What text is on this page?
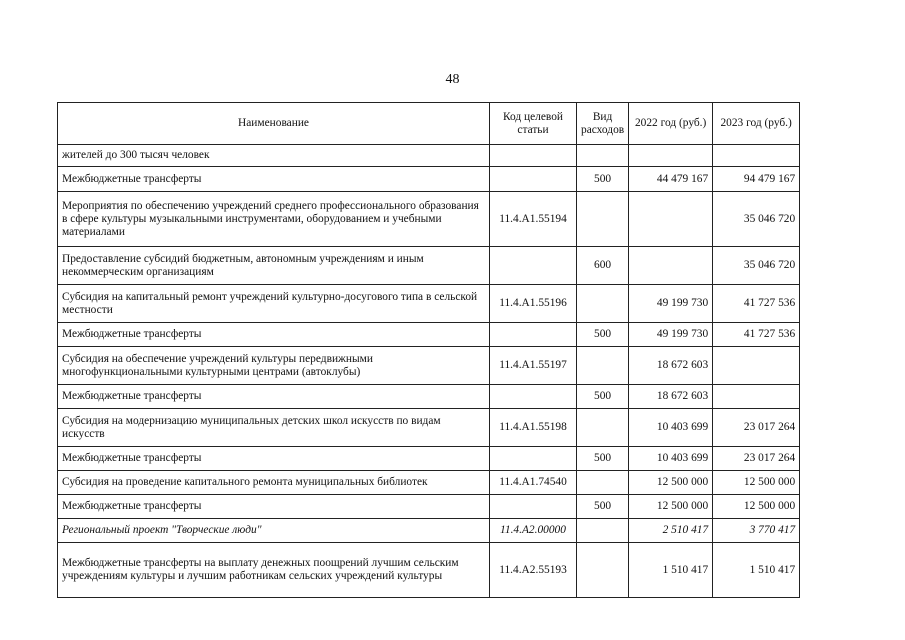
48
Наименование	Код целевой статьи	Вид расходов	2022 год (руб.)	2023 год (руб.)
жителей до 300 тысяч человек				
Межбюджетные трансферты		500	44 479 167	94 479 167
Мероприятия по обеспечению учреждений среднего профессионального образования в сфере культуры музыкальными инструментами, оборудованием и учебными материалами	11.4.А1.55194			35 046 720
Предоставление субсидий бюджетным, автономным учреждениям и иным некоммерческим организациям		600		35 046 720
Субсидия на капитальный ремонт учреждений культурно-досугового типа в сельской местности	11.4.А1.55196		49 199 730	41 727 536
Межбюджетные трансферты		500	49 199 730	41 727 536
Субсидия на обеспечение учреждений культуры передвижными многофункциональными культурными центрами (автоклубы)	11.4.А1.55197		18 672 603	
Межбюджетные трансферты		500	18 672 603	
Субсидия на модернизацию муниципальных детских школ искусств по видам искусств	11.4.А1.55198		10 403 699	23 017 264
Межбюджетные трансферты		500	10 403 699	23 017 264
Субсидия на проведение капитального ремонта муниципальных библиотек	11.4.А1.74540		12 500 000	12 500 000
Межбюджетные трансферты		500	12 500 000	12 500 000
Региональный проект "Творческие люди"	11.4.А2.00000		2 510 417	3 770 417
Межбюджетные трансферты на выплату денежных поощрений лучшим сельским учреждениям культуры и лучшим работникам сельских учреждений культуры	11.4.А2.55193		1 510 417	1 510 417
